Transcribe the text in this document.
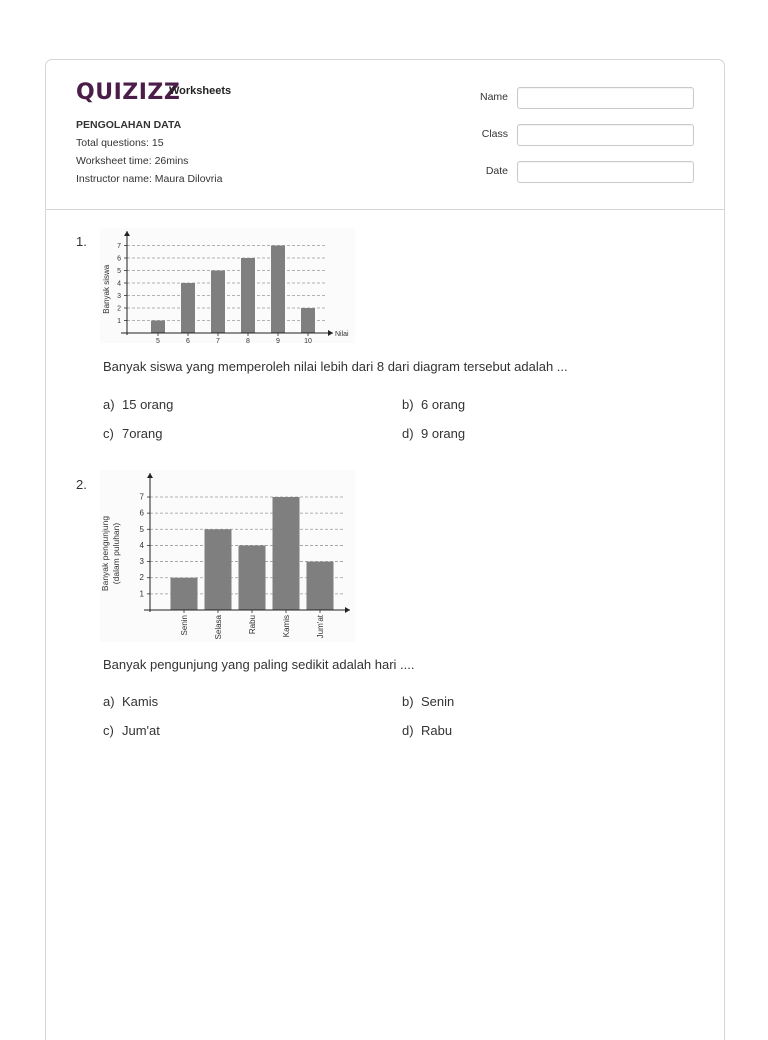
QUIZIZZ
Worksheets
PENGOLAHAN DATA
Total questions: 15
Worksheet time: 26mins
Instructor name: Maura Dilovria
Name
Class
Date
1.
1
2
3
4
5
6
7
5	6	7	8	9	10
Nilai
Banyak siswa
Banyak siswa yang memperoleh nilai lebih dari 8 dari diagram tersebut adalah ...
a) 15 orang	b) 6 orang
c) 7orang	d) 9 orang
2.
1
2
3
4
5
6
7
Senin	Selasa	Rabu	Kamis	Jum'at
Banyak pengunjung (dalam puluhan)
Banyak pengunjung yang paling sedikit adalah hari ....
a) Kamis	b) Senin
c) Jum'at	d) Rabu
